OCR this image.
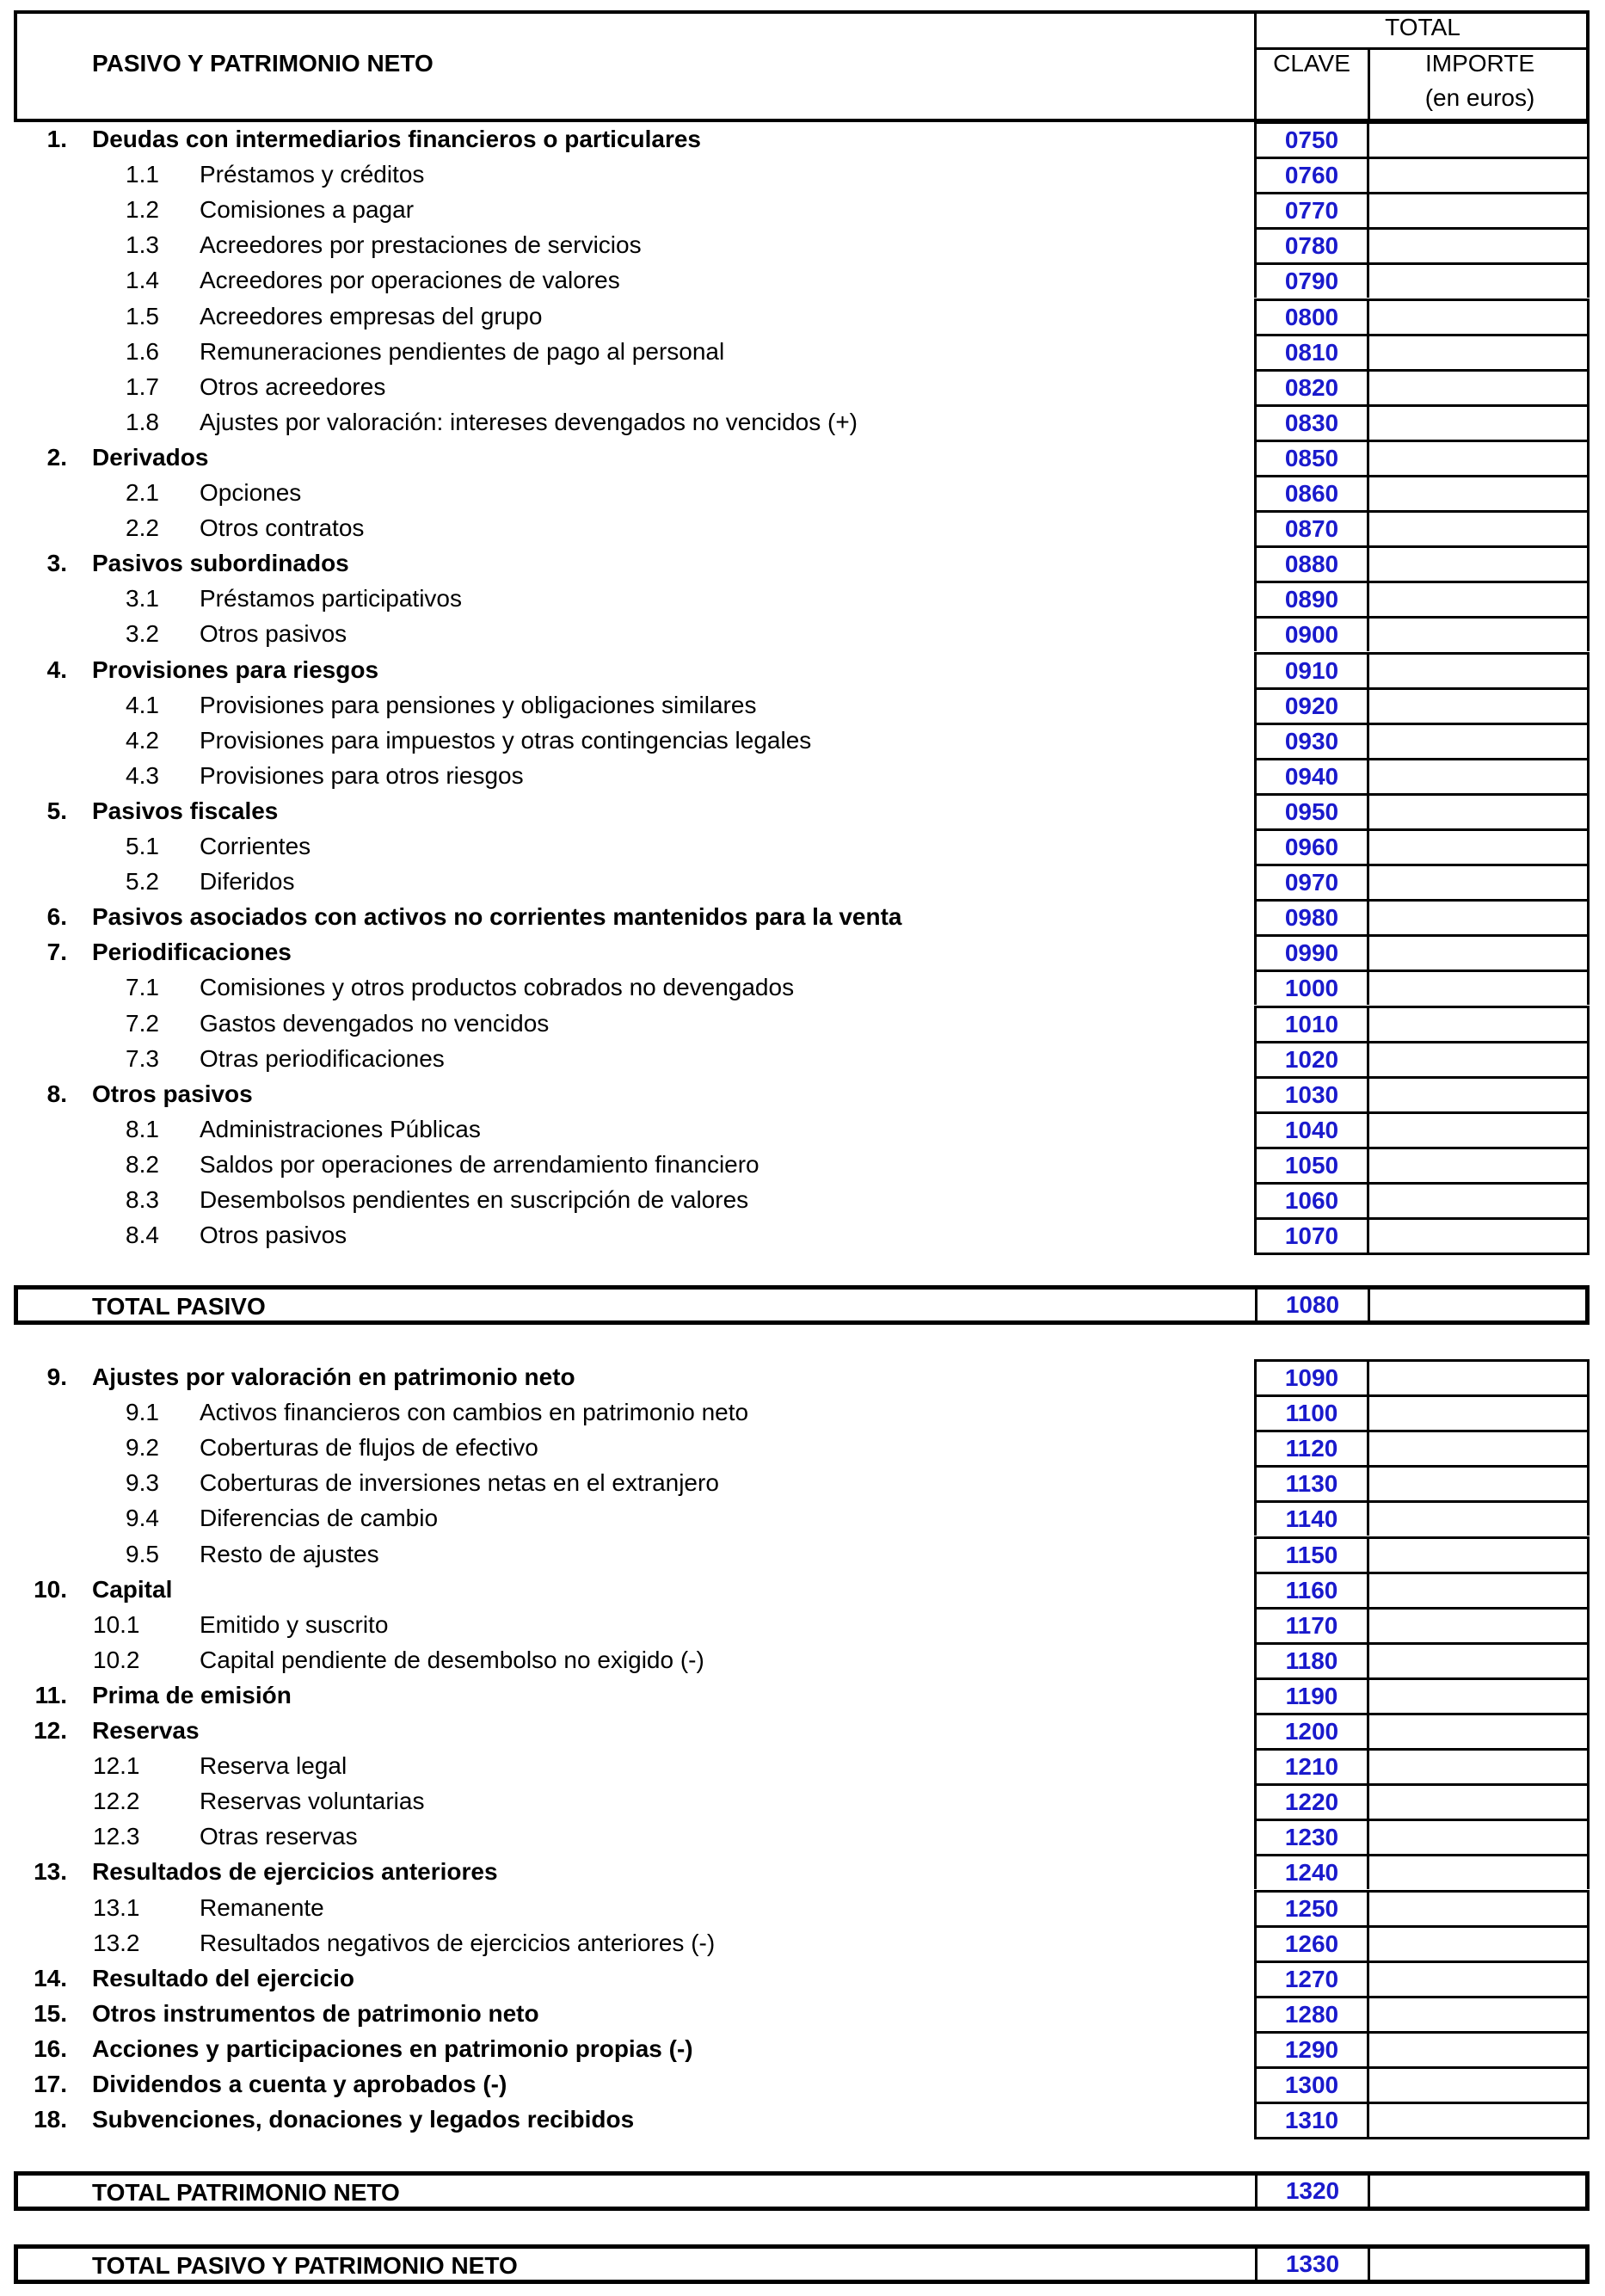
PASIVO Y PATRIMONIO NETO
TOTAL
CLAVE	IMPORTE
(en euros)
1. Deudas con intermediarios financieros o particulares	0750
1.1 Préstamos y créditos	0760
1.2 Comisiones a pagar	0770
1.3 Acreedores por prestaciones de servicios	0780
1.4 Acreedores por operaciones de valores	0790
1.5 Acreedores empresas del grupo	0800
1.6 Remuneraciones pendientes de pago al personal	0810
1.7 Otros acreedores	0820
1.8 Ajustes por valoración: intereses devengados no vencidos (+)	0830
2. Derivados	0850
2.1 Opciones	0860
2.2 Otros contratos	0870
3. Pasivos subordinados	0880
3.1 Préstamos participativos	0890
3.2 Otros pasivos	0900
4. Provisiones para riesgos	0910
4.1 Provisiones para pensiones y obligaciones similares	0920
4.2 Provisiones para impuestos y otras contingencias legales	0930
4.3 Provisiones para otros riesgos	0940
5. Pasivos fiscales	0950
5.1 Corrientes	0960
5.2 Diferidos	0970
6. Pasivos asociados con activos no corrientes mantenidos para la venta	0980
7. Periodificaciones	0990
7.1 Comisiones y otros productos cobrados no devengados	1000
7.2 Gastos devengados no vencidos	1010
7.3 Otras periodificaciones	1020
8. Otros pasivos	1030
8.1 Administraciones Públicas	1040
8.2 Saldos por operaciones de arrendamiento financiero	1050
8.3 Desembolsos pendientes en suscripción de valores	1060
8.4 Otros pasivos	1070
TOTAL PASIVO	1080
9. Ajustes por valoración en patrimonio neto	1090
9.1 Activos financieros con cambios en patrimonio neto	1100
9.2 Coberturas de flujos de efectivo	1120
9.3 Coberturas de inversiones netas en el extranjero	1130
9.4 Diferencias de cambio	1140
9.5 Resto de ajustes	1150
10. Capital	1160
10.1 Emitido y suscrito	1170
10.2 Capital pendiente de desembolso no exigido (-)	1180
11. Prima de emisión	1190
12. Reservas	1200
12.1 Reserva legal	1210
12.2 Reservas voluntarias	1220
12.3 Otras reservas	1230
13. Resultados de ejercicios anteriores	1240
13.1 Remanente	1250
13.2 Resultados negativos de ejercicios anteriores (-)	1260
14. Resultado del ejercicio	1270
15. Otros instrumentos de patrimonio neto	1280
16. Acciones y participaciones en patrimonio propias (-)	1290
17. Dividendos a cuenta y aprobados (-)	1300
18. Subvenciones, donaciones y legados recibidos	1310
TOTAL PATRIMONIO NETO	1320
TOTAL PASIVO Y PATRIMONIO NETO	1330
